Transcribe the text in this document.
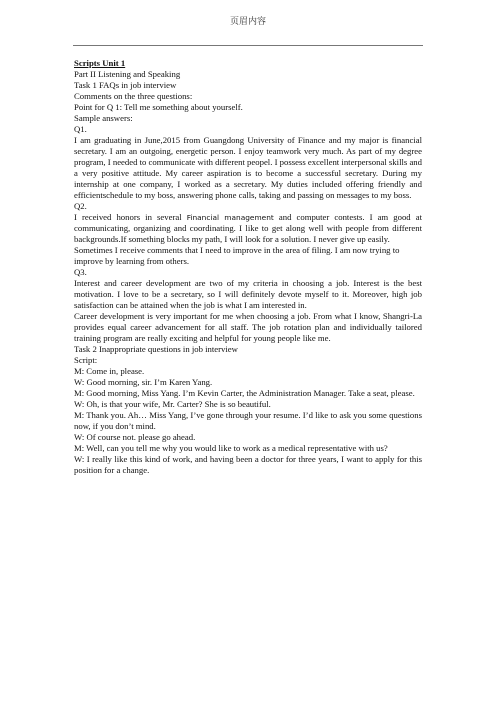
页眉内容

Scripts Unit 1

Part II Listening and Speaking

Task 1 FAQs in job interview

Comments on the three questions:

Point for Q 1: Tell me something about yourself.

Sample answers:

Q1.

I am graduating in June,2015 from Guangdong University of Finance and my major is financial secretary. I am an outgoing, energetic person. I enjoy teamwork very much. As part of my degree program, I needed to communicate with different peopel. I possess excellent interpersonal skills and a very positive attitude. My career aspiration is to become a successful secretary. During my internship at one company, I worked as a secretary. My duties included offering friendly and efficientschedule to my boss, answering phone calls, taking and passing on messages to my boss.

Q2.

I received honors in several Financial management and computer contests. I am good at communicating, organizing and coordinating. I like to get along well with people from different backgrounds.If something blocks my path, I will look for a solution. I never give up easily.

Sometimes I receive comments that I need to improve in the area of filing. I am now trying to improve by learning from others.

Q3.

Interest and career development are two of my criteria in choosing a job. Interest is the best motivation. I love to be a secretary, so I will definitely devote myself to it. Moreover, high job satisfaction can be attained when the job is what I am interested in.

Career development is very important for me when choosing a job. From what I know, Shangri-La provides equal career advancement for all staff. The job rotation plan and individually tailored training program are really exciting and helpful for young people like me.

Task 2 Inappropriate questions in job interview

Script:

M: Come in, please.

W: Good morning, sir. I’m Karen Yang.

M: Good morning, Miss Yang. I’m Kevin Carter, the Administration Manager. Take a seat, please.

W: Oh, is that your wife, Mr. Carter? She is so beautiful.

M: Thank you. Ah… Miss Yang, I’ve gone through your resume. I’d like to ask you some questions now, if you don’t mind.

W: Of course not. please go ahead.

M: Well, can you tell me why you would like to work as a medical representative with us?

W: I really like this kind of work, and having been a doctor for three years, I want to apply for this position for a change.
